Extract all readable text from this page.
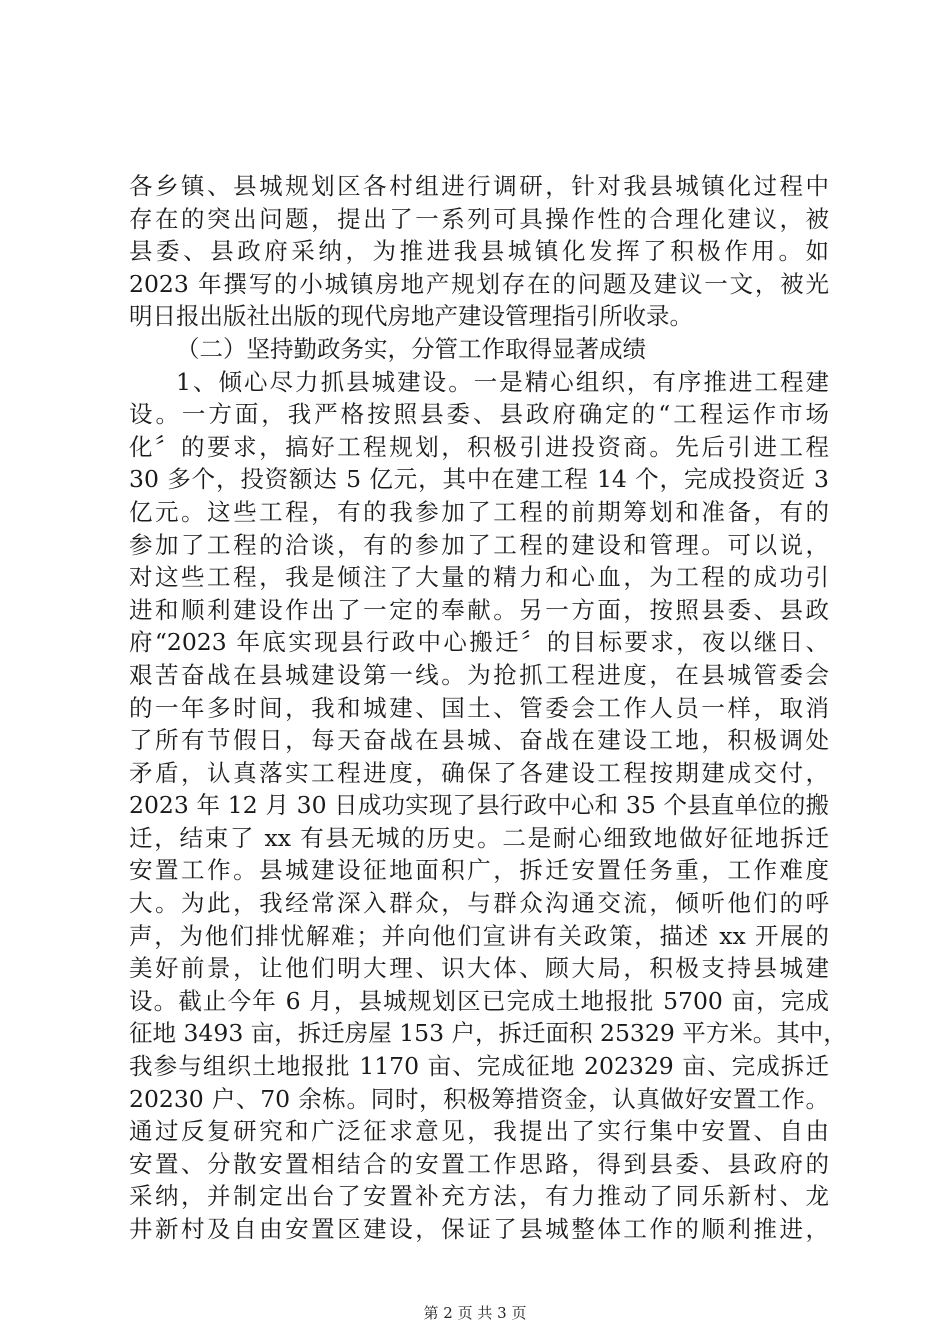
各乡镇、县城规划区各村组进行调研，针对我县城镇化过程中
存在的突出问题，提出了一系列可具操作性的合理化建议，被
县委、县政府采纳，为推进我县城镇化发挥了积极作用。如
2023 年撰写的小城镇房地产规划存在的问题及建议一文，被光
明日报出版社出版的现代房地产建设管理指引所收录。
（二）坚持勤政务实，分管工作取得显著成绩
1、倾心尽力抓县城建设。一是精心组织，有序推进工程建
设。一方面，我严格按照县委、县政府确定的“工程运作市场
化〞的要求，搞好工程规划，积极引进投资商。先后引进工程
30 多个，投资额达 5 亿元，其中在建工程 14 个，完成投资近 3
亿元。这些工程，有的我参加了工程的前期筹划和准备，有的
参加了工程的洽谈，有的参加了工程的建设和管理。可以说，
对这些工程，我是倾注了大量的精力和心血，为工程的成功引
进和顺利建设作出了一定的奉献。另一方面，按照县委、县政
府“2023 年底实现县行政中心搬迁〞的目标要求，夜以继日、
艰苦奋战在县城建设第一线。为抢抓工程进度，在县城管委会
的一年多时间，我和城建、国土、管委会工作人员一样，取消
了所有节假日，每天奋战在县城、奋战在建设工地，积极调处
矛盾，认真落实工程进度，确保了各建设工程按期建成交付，
2023 年 12 月 30 日成功实现了县行政中心和 35 个县直单位的搬
迁，结束了 xx 有县无城的历史。二是耐心细致地做好征地拆迁
安置工作。县城建设征地面积广，拆迁安置任务重，工作难度
大。为此，我经常深入群众，与群众沟通交流，倾听他们的呼
声，为他们排忧解难；并向他们宣讲有关政策，描述 xx 开展的
美好前景，让他们明大理、识大体、顾大局，积极支持县城建
设。截止今年 6 月，县城规划区已完成土地报批 5700 亩，完成
征地 3493 亩，拆迁房屋 153 户，拆迁面积 25329 平方米。其中，
我参与组织土地报批 1170 亩、完成征地 202329 亩、完成拆迁
20230 户、70 余栋。同时，积极筹措资金，认真做好安置工作。
通过反复研究和广泛征求意见，我提出了实行集中安置、自由
安置、分散安置相结合的安置工作思路，得到县委、县政府的
采纳，并制定出台了安置补充方法，有力推动了同乐新村、龙
井新村及自由安置区建设，保证了县城整体工作的顺利推进，
第 2 页 共 3 页
